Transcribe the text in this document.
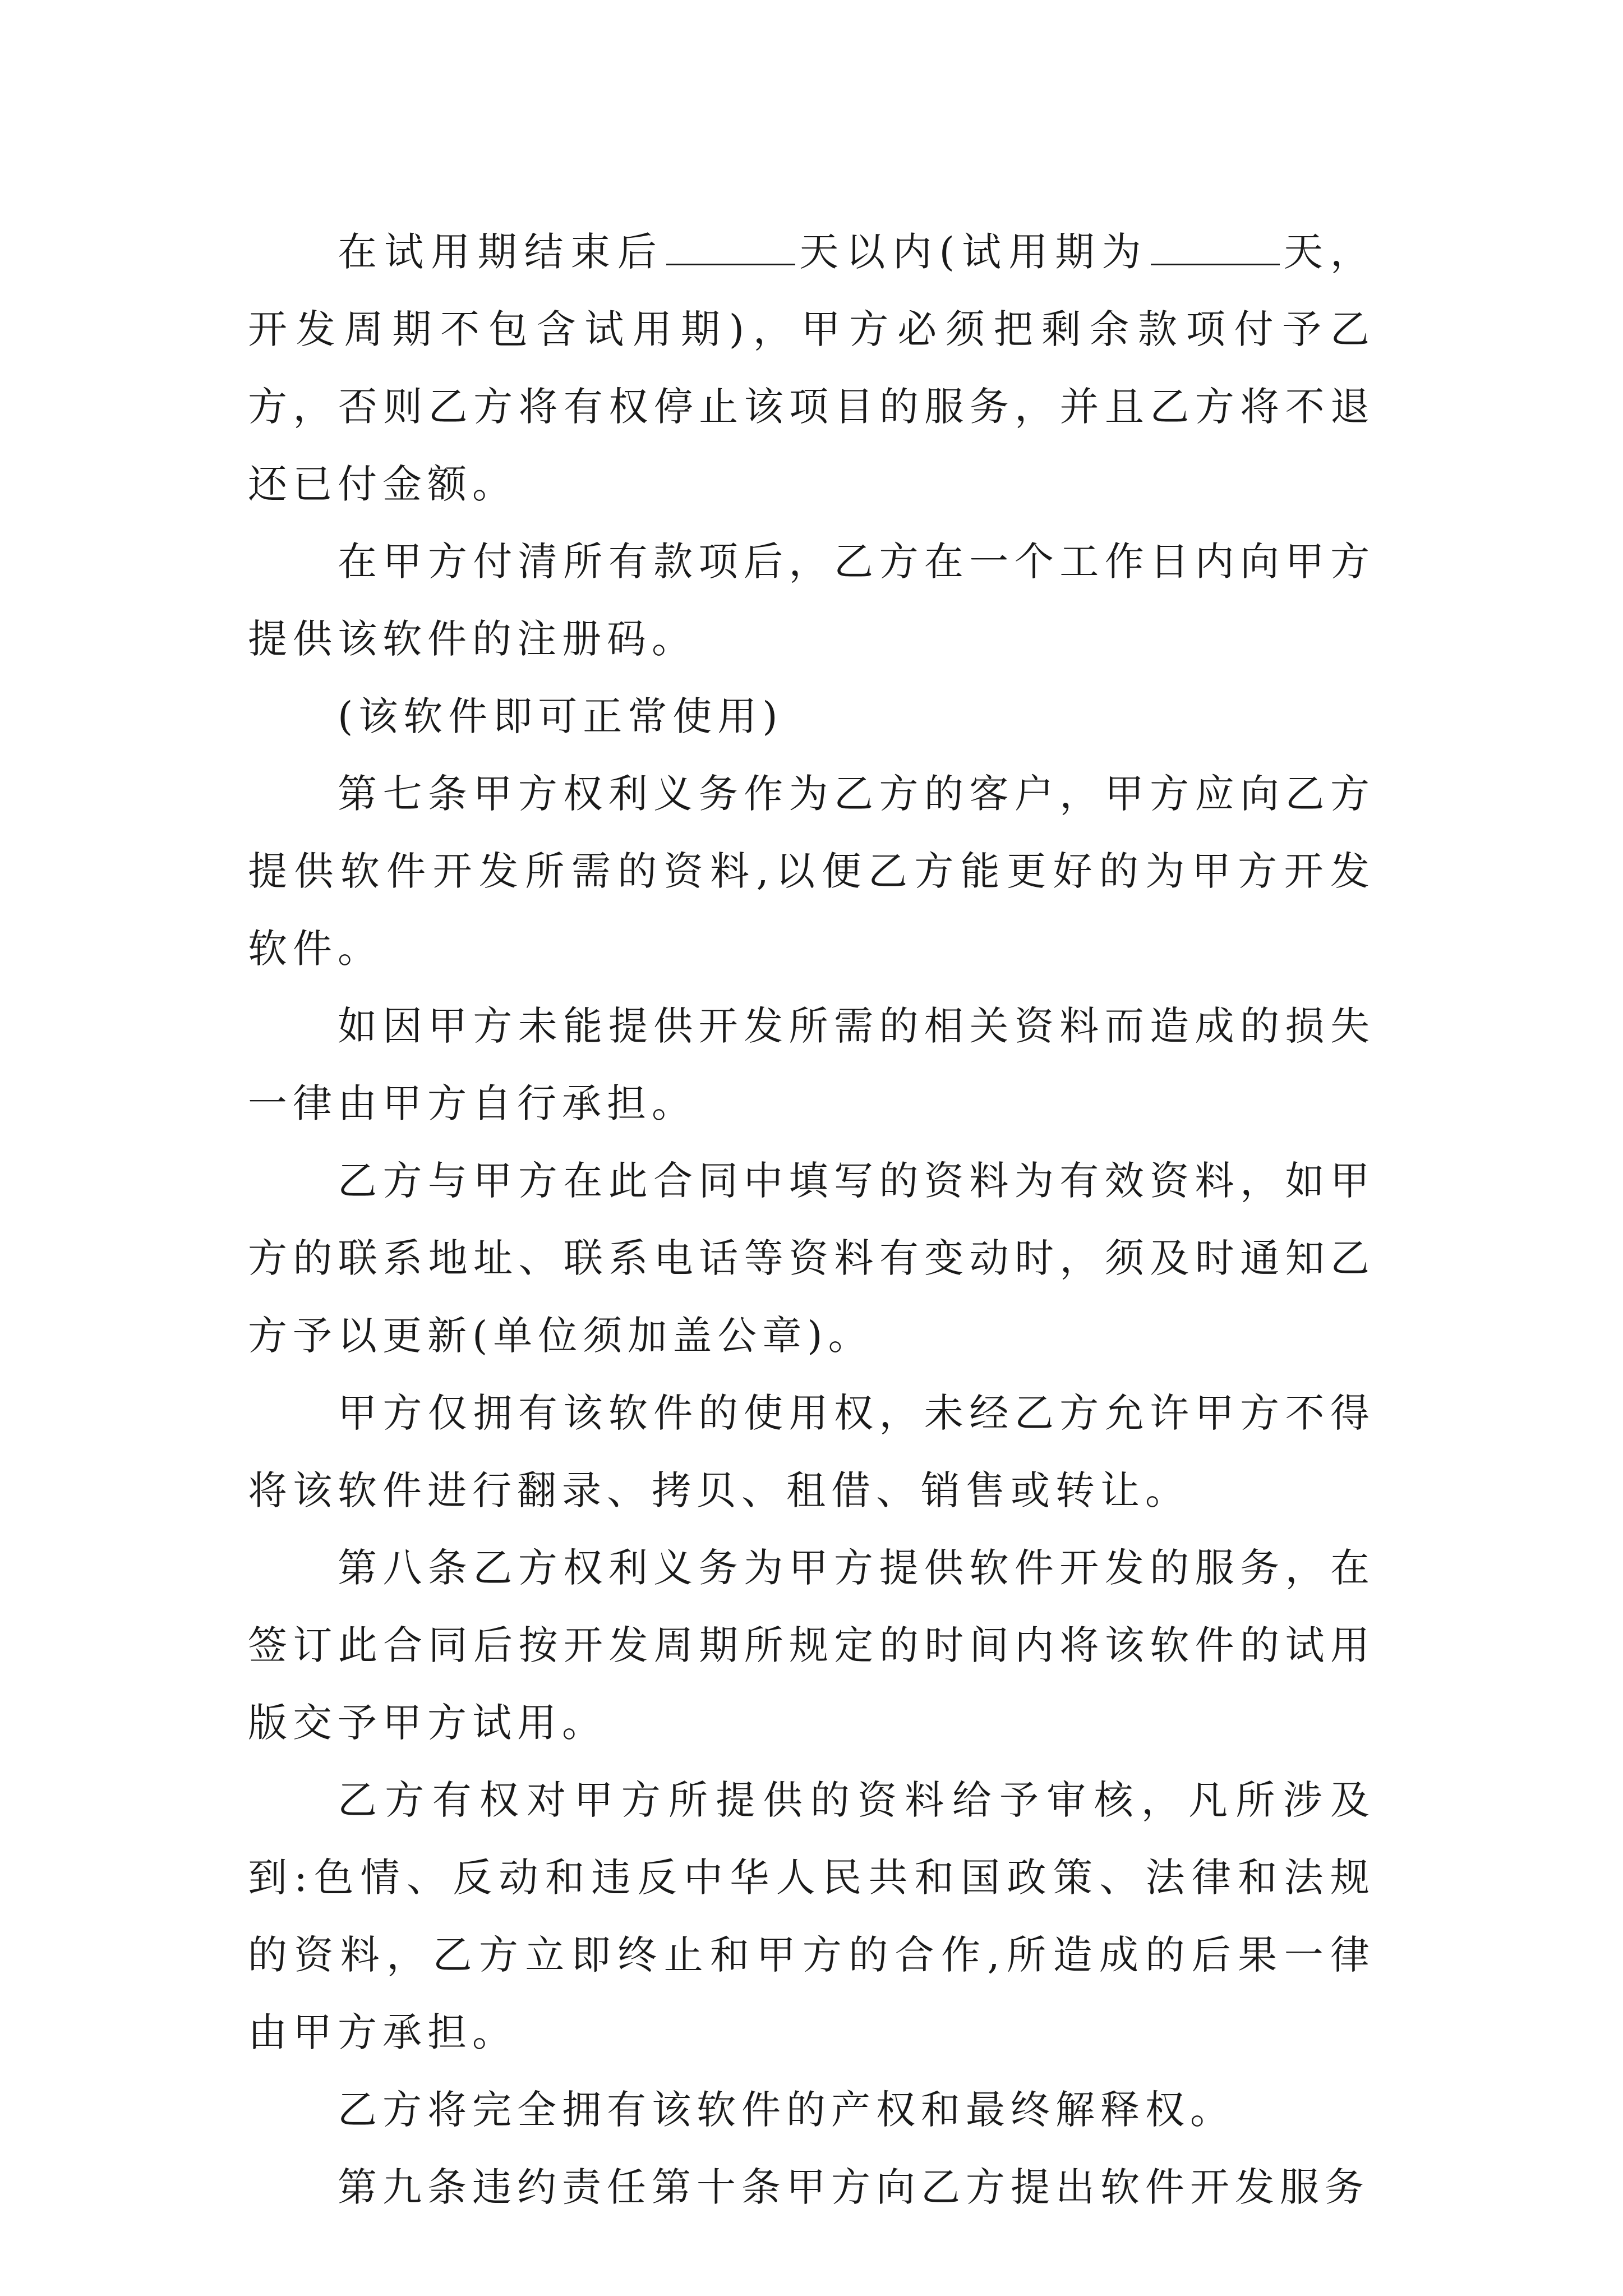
在试用期结束后	天以内(试用期为	天，开发周期不包含试用期)，甲方必须把剩余款项付予乙方，否则乙方将有权停止该项目的服务，并且乙方将不退还已付金额。

在甲方付清所有款项后，乙方在一个工作日内向甲方提供该软件的注册码。

(该软件即可正常使用)

第七条甲方权利义务作为乙方的客户，甲方应向乙方提供软件开发所需的资料,以便乙方能更好的为甲方开发软件。

如因甲方未能提供开发所需的相关资料而造成的损失一律由甲方自行承担。

乙方与甲方在此合同中填写的资料为有效资料，如甲方的联系地址、联系电话等资料有变动时，须及时通知乙方予以更新(单位须加盖公章)。

甲方仅拥有该软件的使用权，未经乙方允许甲方不得将该软件进行翻录、拷贝、租借、销售或转让。

第八条乙方权利义务为甲方提供软件开发的服务，在签订此合同后按开发周期所规定的时间内将该软件的试用版交予甲方试用。

乙方有权对甲方所提供的资料给予审核，凡所涉及到:色情、反动和违反中华人民共和国政策、法律和法规的资料，乙方立即终止和甲方的合作,所造成的后果一律由甲方承担。

乙方将完全拥有该软件的产权和最终解释权。

第九条违约责任第十条甲方向乙方提出软件开发服务
